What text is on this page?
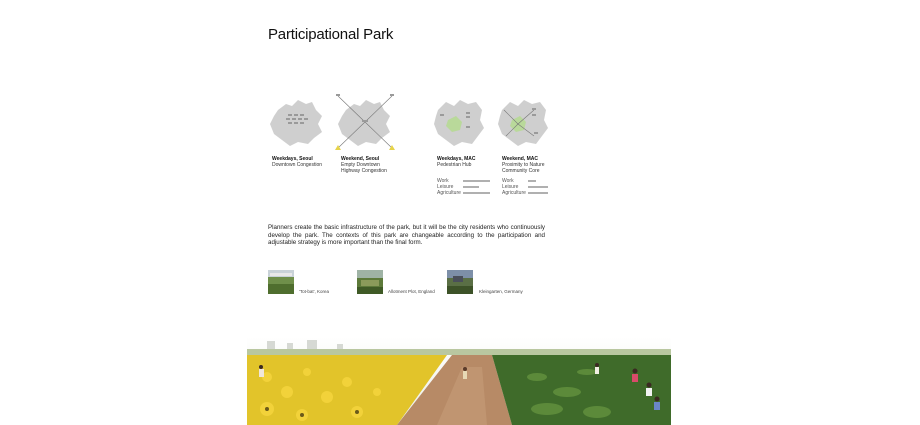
Participational Park
Weekdays, Seoul
Downtown Congestion
Weekend, Seoul
Empty Downtown
Highway Congestion
Weekdays, MAC
Pedestrian Hub
Weekend, MAC
Proximity to Nature
Community Core
Work
Leisure
Agriculture
Work
Leisure
Agriculture
Planners create the basic infrastructure of the park, but it will be the city residents who continuously develop the park. The contexts of this park are changeable according to the participation and adjustable strategy is more important than the final form.
'Tot-bat', Korea	Allotment Plot, England	Kleingarten, Germany
